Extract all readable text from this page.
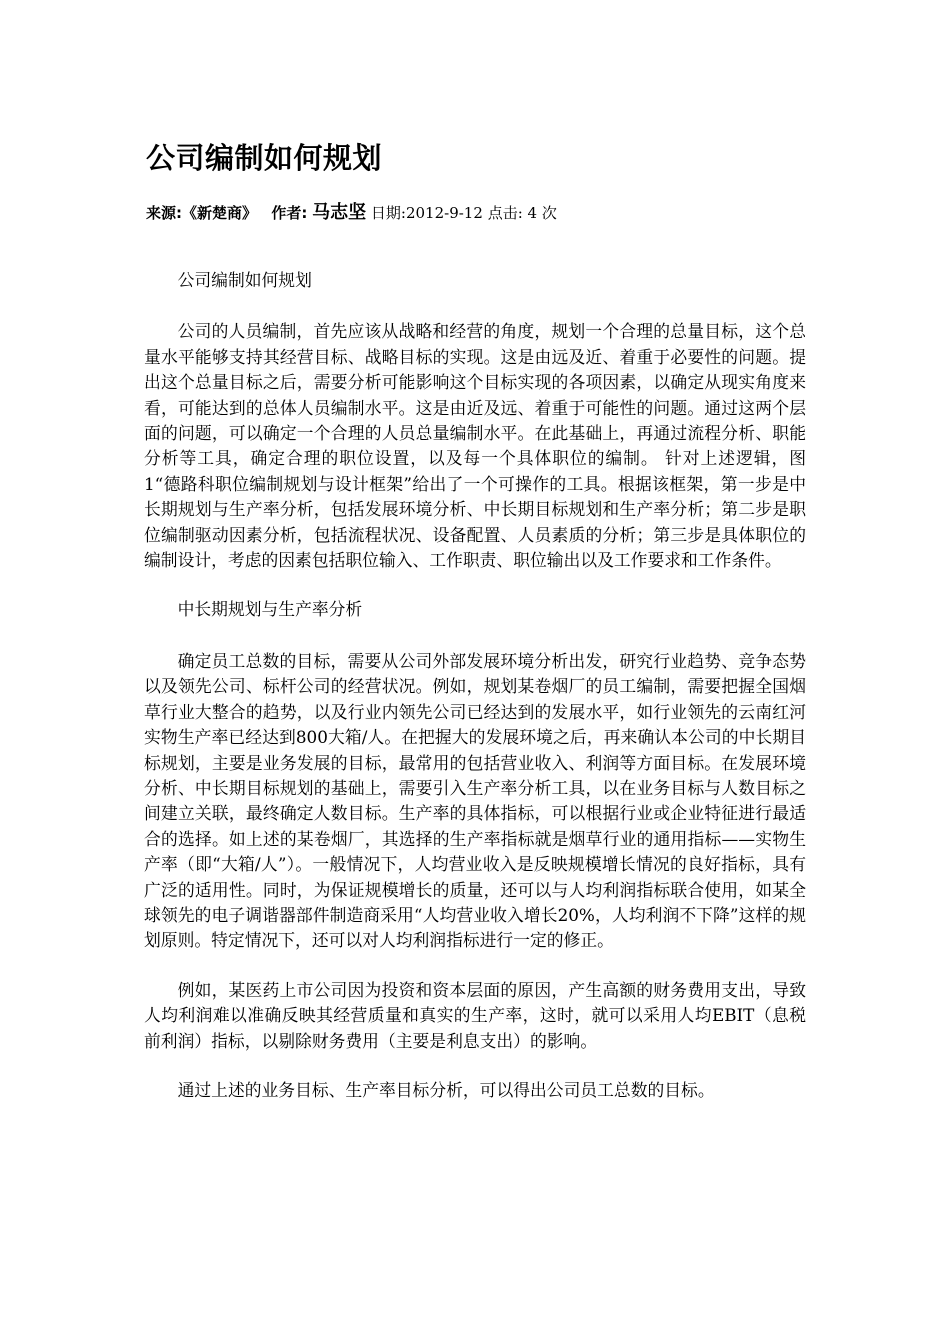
公司编制如何规划
来源:《新楚商》 作者: 马志坚 日期:2012-9-12 点击: 4 次

公司编制如何规划

公司的人员编制，首先应该从战略和经营的角度，规划一个合理的总量目标，这个总量水平能够支持其经营目标、战略目标的实现。这是由远及近、着重于必要性的问题。提出这个总量目标之后，需要分析可能影响这个目标实现的各项因素，以确定从现实角度来看，可能达到的总体人员编制水平。这是由近及远、着重于可能性的问题。通过这两个层面的问题，可以确定一个合理的人员总量编制水平。在此基础上，再通过流程分析、职能分析等工具，确定合理的职位设置，以及每一个具体职位的编制。 针对上述逻辑，图1“德路科职位编制规划与设计框架”给出了一个可操作的工具。根据该框架，第一步是中长期规划与生产率分析，包括发展环境分析、中长期目标规划和生产率分析；第二步是职位编制驱动因素分析，包括流程状况、设备配置、人员素质的分析；第三步是具体职位的编制设计，考虑的因素包括职位输入、工作职责、职位输出以及工作要求和工作条件。

中长期规划与生产率分析

确定员工总数的目标，需要从公司外部发展环境分析出发，研究行业趋势、竞争态势以及领先公司、标杆公司的经营状况。例如，规划某卷烟厂的员工编制，需要把握全国烟草行业大整合的趋势，以及行业内领先公司已经达到的发展水平，如行业领先的云南红河实物生产率已经达到800大箱/人。在把握大的发展环境之后，再来确认本公司的中长期目标规划，主要是业务发展的目标，最常用的包括营业收入、利润等方面目标。在发展环境分析、中长期目标规划的基础上，需要引入生产率分析工具，以在业务目标与人数目标之间建立关联，最终确定人数目标。生产率的具体指标，可以根据行业或企业特征进行最适合的选择。如上述的某卷烟厂，其选择的生产率指标就是烟草行业的通用指标——实物生产率（即“大箱/人”）。一般情况下，人均营业收入是反映规模增长情况的良好指标，具有广泛的适用性。同时，为保证规模增长的质量，还可以与人均利润指标联合使用，如某全球领先的电子调谐器部件制造商采用“人均营业收入增长20%，人均利润不下降”这样的规划原则。特定情况下，还可以对人均利润指标进行一定的修正。

例如，某医药上市公司因为投资和资本层面的原因，产生高额的财务费用支出，导致人均利润难以准确反映其经营质量和真实的生产率，这时，就可以采用人均EBIT（息税前利润）指标，以剔除财务费用（主要是利息支出）的影响。

通过上述的业务目标、生产率目标分析，可以得出公司员工总数的目标。
